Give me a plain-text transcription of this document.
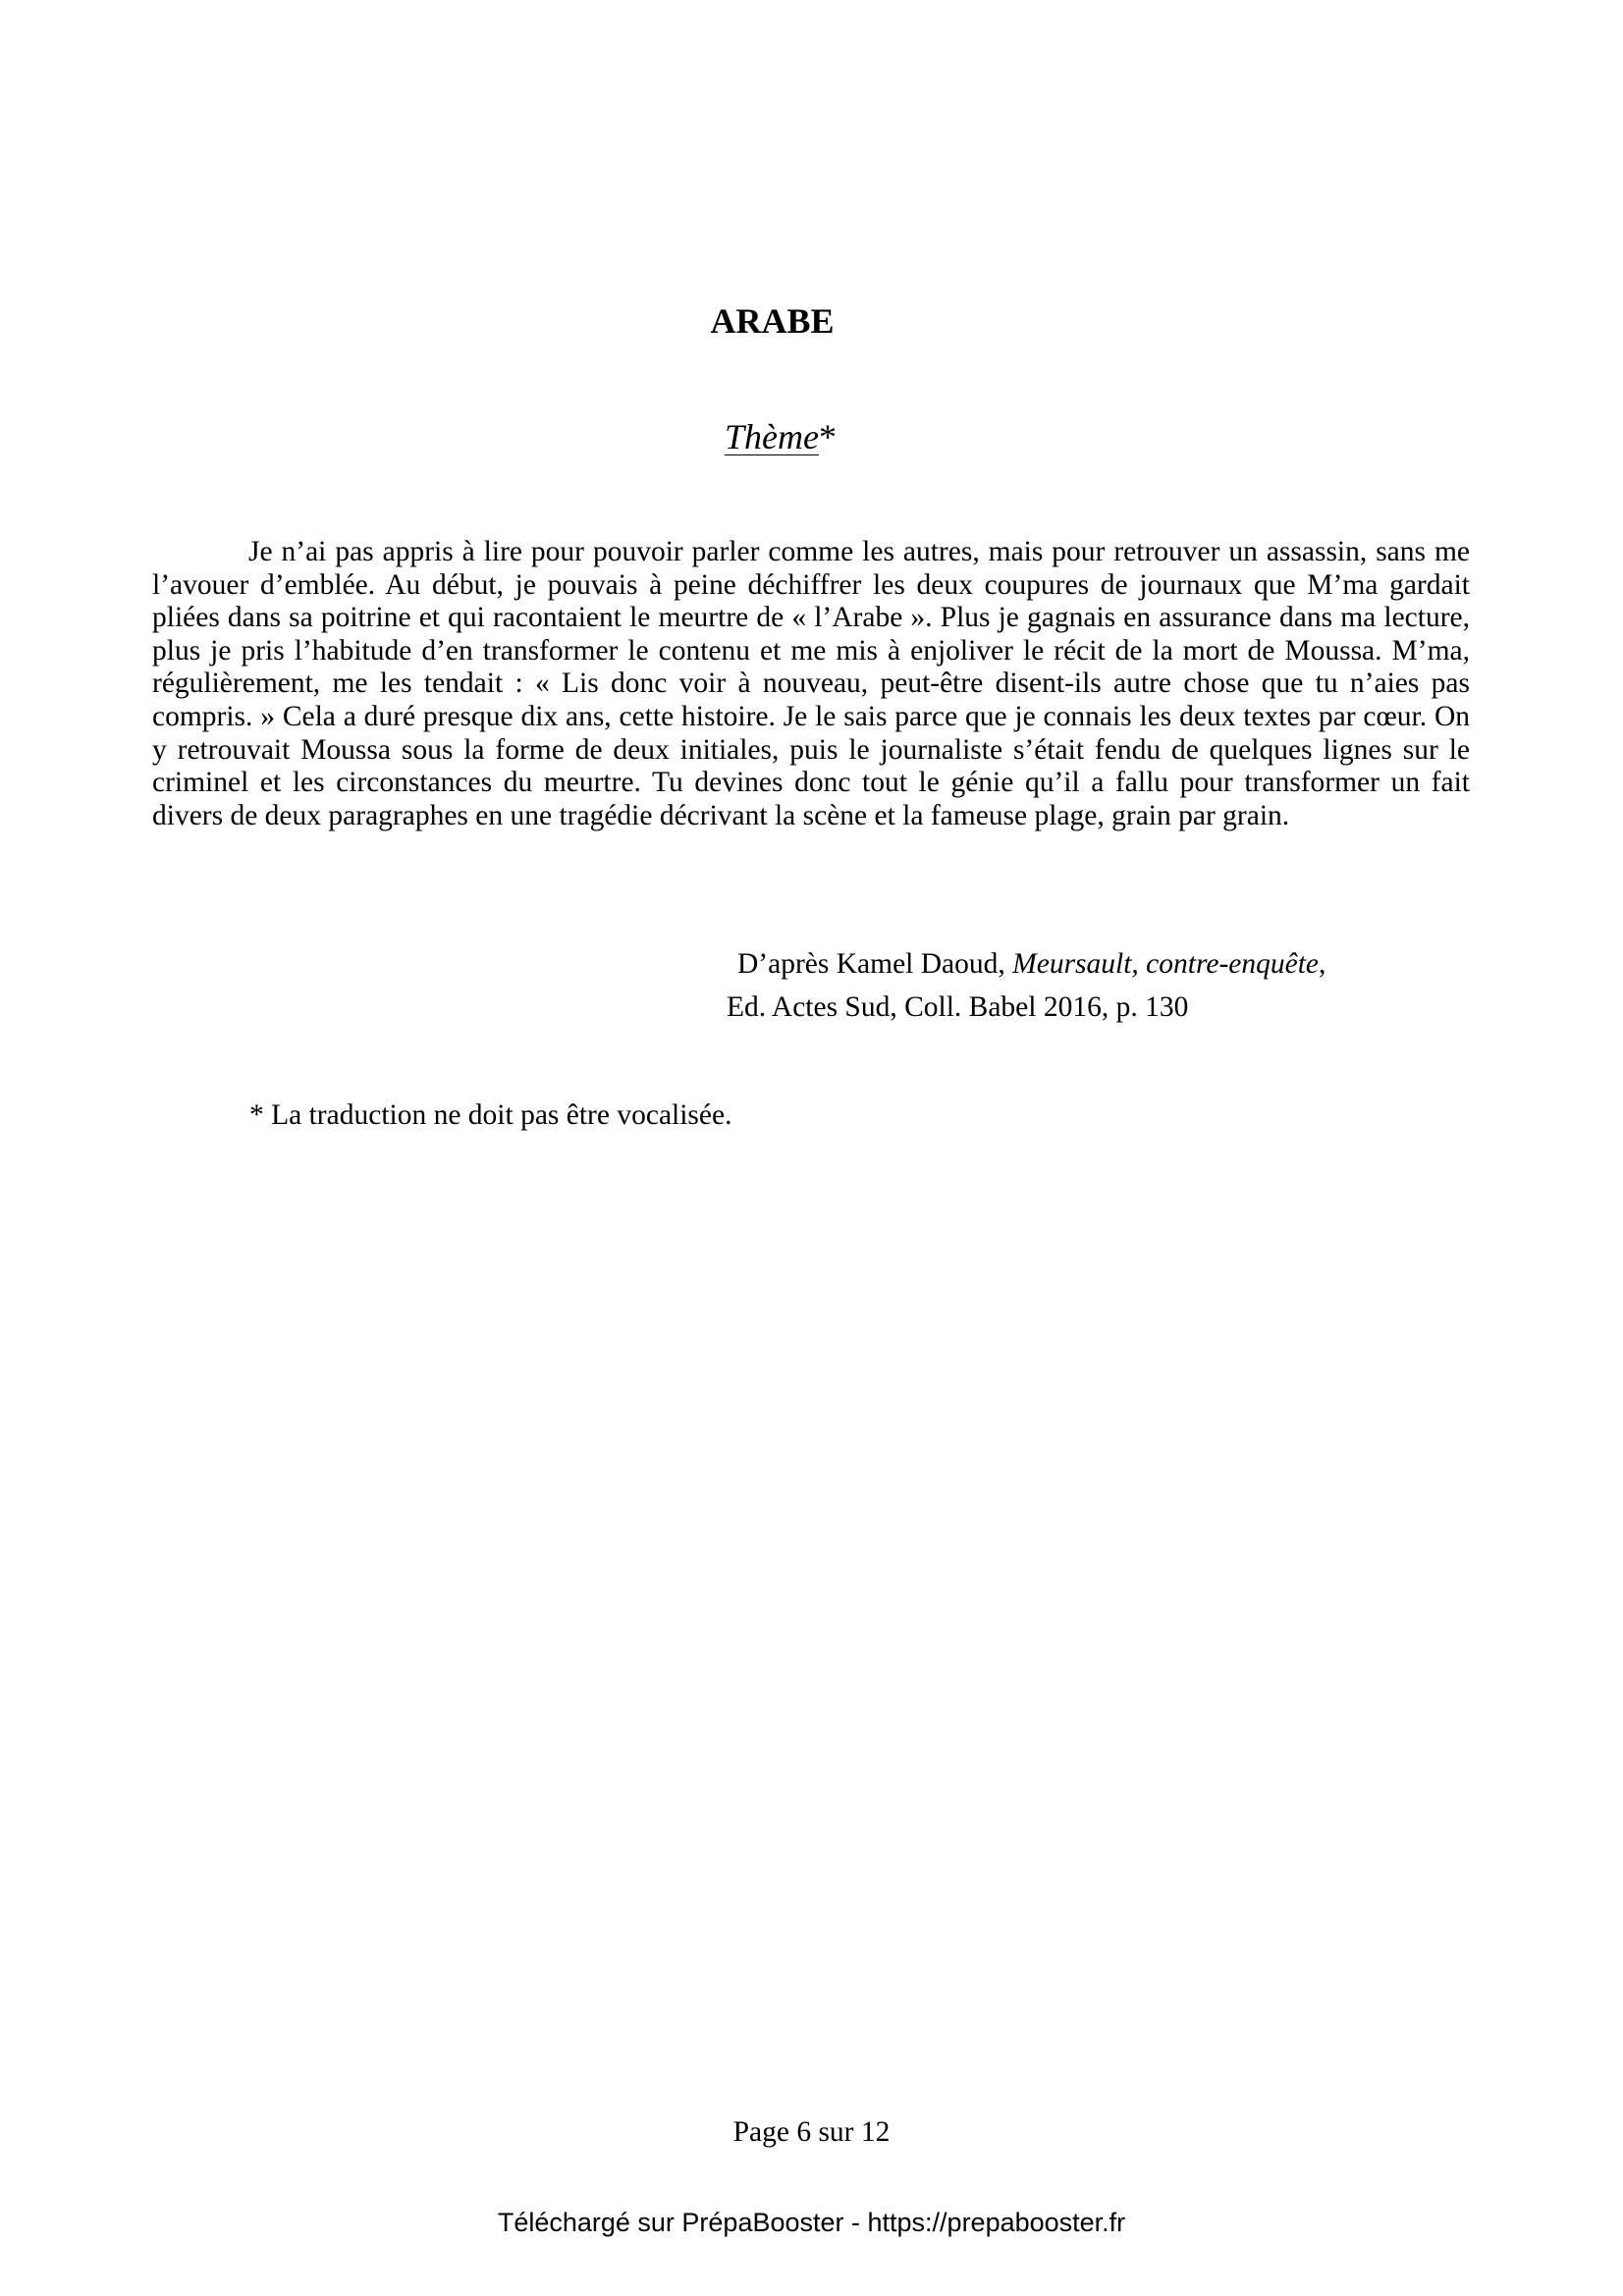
ARABE
Thème*

Je n’ai pas appris à lire pour pouvoir parler comme les autres, mais pour retrouver un assassin, sans me l’avouer d’emblée. Au début, je pouvais à peine déchiffrer les deux coupures de journaux que M’ma gardait pliées dans sa poitrine et qui racontaient le meurtre de « l’Arabe ». Plus je gagnais en assurance dans ma lecture, plus je pris l’habitude d’en transformer le contenu et me mis à enjoliver le récit de la mort de Moussa. M’ma, régulièrement, me les tendait : « Lis donc voir à nouveau, peut-être disent-ils autre chose que tu n’aies pas compris. » Cela a duré presque dix ans, cette histoire. Je le sais parce que je connais les deux textes par cœur. On y retrouvait Moussa sous la forme de deux initiales, puis le journaliste s’était fendu de quelques lignes sur le criminel et les circonstances du meurtre. Tu devines donc tout le génie qu’il a fallu pour transformer un fait divers de deux paragraphes en une tragédie décrivant la scène et la fameuse plage, grain par grain.

D’après Kamel Daoud, Meursault, contre-enquête,
Ed. Actes Sud, Coll. Babel 2016, p. 130
* La traduction ne doit pas être vocalisée.
Page 6 sur 12
Téléchargé sur PrépaBooster - https://prepabooster.fr
